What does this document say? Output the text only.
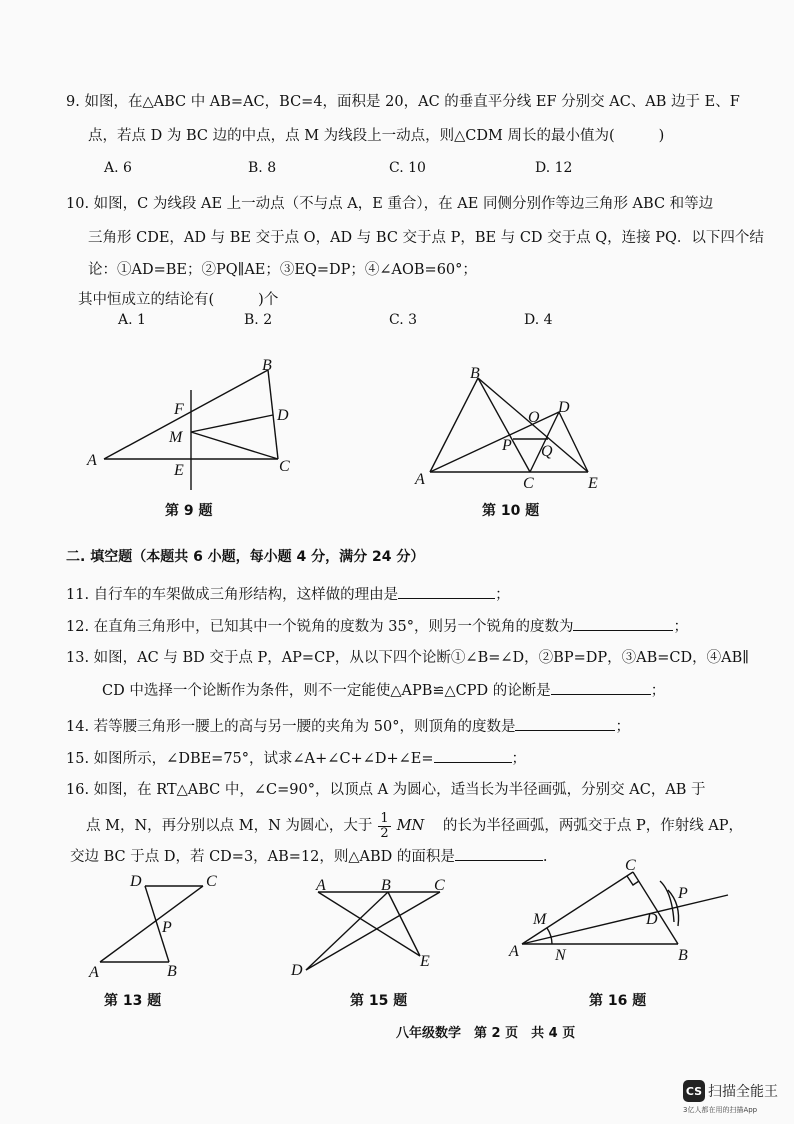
9. 如图，在△ABC 中 AB=AC，BC=4，面积是 20，AC 的垂直平分线 EF 分别交 AC、AB 边于 E、F
点，若点 D 为 BC 边的中点，点 M 为线段上一动点，则△CDM 周长的最小值为(	)
A. 6	B. 8	C. 10	D. 12
10. 如图，C 为线段 AE 上一动点（不与点 A，E 重合），在 AE 同侧分别作等边三角形 ABC 和等边
三角形 CDE，AD 与 BE 交于点 O，AD 与 BC 交于点 P，BE 与 CD 交于点 Q，连接 PQ．以下四个结
论：①AD=BE；②PQ∥AE；③EQ=DP；④∠AOB=60°；
其中恒成立的结论有(	)个
A. 1	B. 2	C. 3	D. 4
A
B
C
D
E
F
M
第 9 题
A
B
C
D
E
O
P Q
第 10 题
二. 填空题（本题共 6 小题，每小题 4 分，满分 24 分）
11. 自行车的车架做成三角形结构，这样做的理由是	；
12. 在直角三角形中，已知其中一个锐角的度数为 35°，则另一个锐角的度数为	；
13. 如图，AC 与 BD 交于点 P，AP=CP，从以下四个论断①∠B=∠D，②BP=DP，③AB=CD，④AB∥
CD 中选择一个论断作为条件，则不一定能使△APB≌△CPD 的论断是	；
14. 若等腰三角形一腰上的高与另一腰的夹角为 50°，则顶角的度数是	；
15. 如图所示，∠DBE=75°，试求∠A+∠C+∠D+∠E=	；
16. 如图，在 RT△ABC 中，∠C=90°，以顶点 A 为圆心，适当长为半径画弧，分别交 AC，AB 于
点 M，N，再分别以点 M，N 为圆心，大于 $\frac{1}{2}$ MN 的长为半径画弧，两弧交于点 P，作射线 AP，
交边 BC 于点 D，若 CD=3，AB=12，则△ABD 的面积是	.
D	C
A	B
P
第 13 题
A	B	C
D
E
第 15 题
C
A	B
D
M
N
P
第 16 题
八年级数学　第 2 页　共 4 页
CS 扫描全能王
3亿人都在用的扫描App
